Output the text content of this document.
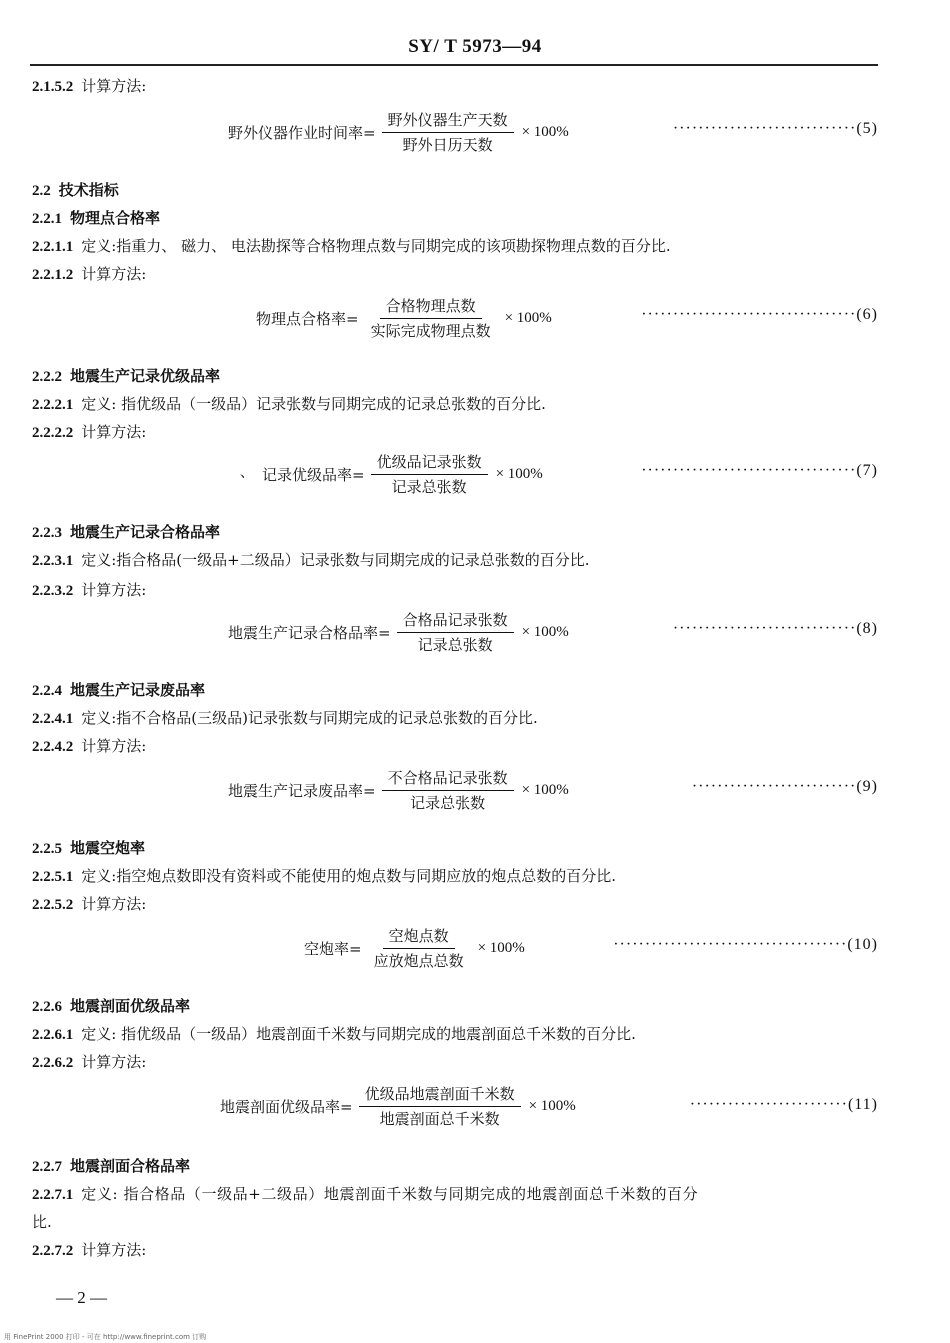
SY/ T 5973—94
2.1.5.2 计算方法:
野外仪器作业时间率= $\frac{\text{野外仪器生产天数}}{\text{野外日历天数}} \times 100\%$	·····························(5)
2.2 技术指标
2.2.1 物理点合格率
2.2.1.1 定义:指重力、 磁力、 电法勘探等合格物理点数与同期完成的该项勘探物理点数的百分比.
2.2.1.2 计算方法:
物理点合格率= $\frac{\text{合格物理点数}}{\text{实际完成物理点数}} \times 100\%$	··································(6)
2.2.2 地震生产记录优级品率
2.2.2.1 定义: 指优级品（一级品）记录张数与同期完成的记录总张数的百分比.
2.2.2.2 计算方法:
、 记录优级品率= $\frac{\text{优级品记录张数}}{\text{记录总张数}} \times 100\%$	··································(7)
2.2.3 地震生产记录合格品率
2.2.3.1 定义:指合格品(一级品+二级品）记录张数与同期完成的记录总张数的百分比.
2.2.3.2 计算方法:
地震生产记录合格品率= $\frac{\text{合格品记录张数}}{\text{记录总张数}} \times 100\%$	·····························(8)
2.2.4 地震生产记录废品率
2.2.4.1 定义:指不合格品(三级品)记录张数与同期完成的记录总张数的百分比.
2.2.4.2 计算方法:
地震生产记录废品率= $\frac{\text{不合格品记录张数}}{\text{记录总张数}} \times 100\%$	··························(9)
2.2.5 地震空炮率
2.2.5.1 定义:指空炮点数即没有资料或不能使用的炮点数与同期应放的炮点总数的百分比.
2.2.5.2 计算方法:
空炮率= $\frac{\text{空炮点数}}{\text{应放炮点总数}} \times 100\%$	·····································(10)
2.2.6 地震剖面优级品率
2.2.6.1 定义: 指优级品（一级品）地震剖面千米数与同期完成的地震剖面总千米数的百分比.
2.2.6.2 计算方法:
地震剖面优级品率= $\frac{\text{优级品地震剖面千米数}}{\text{地震剖面总千米数}} \times 100\%$	·························(11)
2.2.7 地震剖面合格品率
2.2.7.1 定义: 指合格品（一级品+二级品）地震剖面千米数与同期完成的地震剖面总千米数的百分
比.
2.2.7.2 计算方法:
— 2 —
用 FinePrint 2000 打印 - 可在 http://www.fineprint.com 订购
